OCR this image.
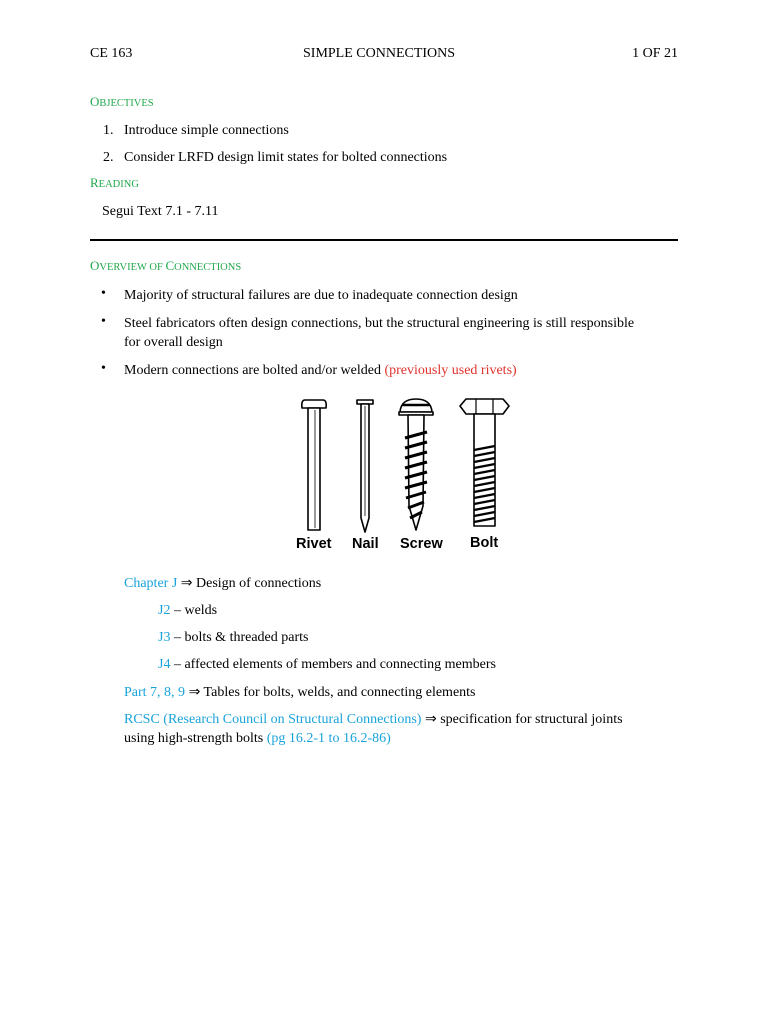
CE 163	SIMPLE CONNECTIONS	1 OF 21
OBJECTIVES
1. Introduce simple connections
2. Consider LRFD design limit states for bolted connections
READING
Segui Text 7.1 - 7.11
OVERVIEW OF CONNECTIONS
• Majority of structural failures are due to inadequate connection design
• Steel fabricators often design connections, but the structural engineering is still responsible
for overall design
• Modern connections are bolted and/or welded (previously used rivets)
Rivet Nail Screw Bolt
Chapter J ⇒ Design of connections
J2 – welds
J3 – bolts & threaded parts
J4 – affected elements of members and connecting members
Part 7, 8, 9 ⇒ Tables for bolts, welds, and connecting elements
RCSC (Research Council on Structural Connections) ⇒ specification for structural joints
using high-strength bolts (pg 16.2-1 to 16.2-86)
